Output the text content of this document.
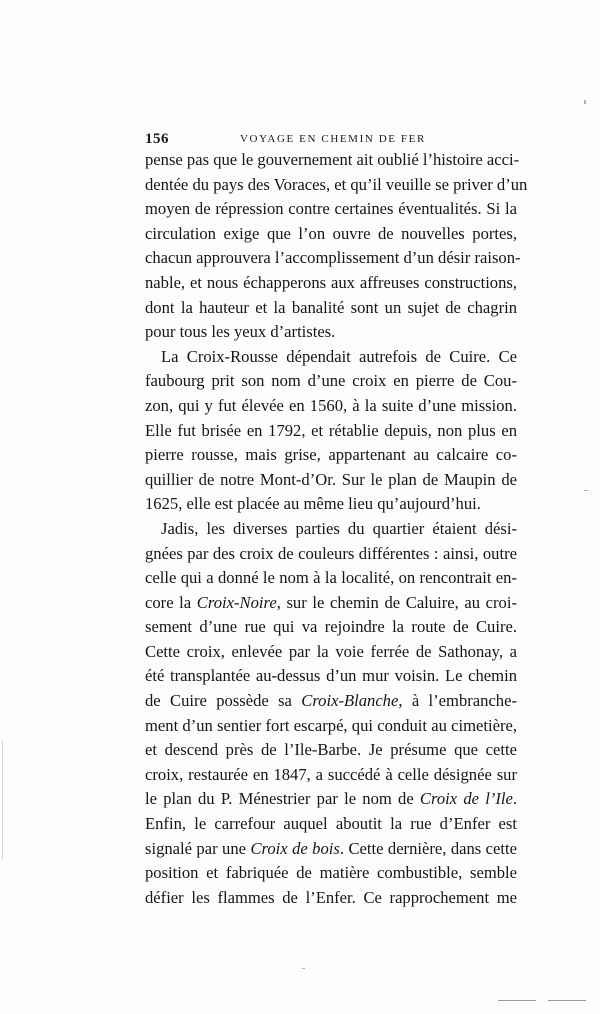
156	VOYAGE EN CHEMIN DE FER
pense pas que le gouvernement ait oublié l’histoire acci-
dentée du pays des Voraces, et qu’il veuille se priver d’un
moyen de répression contre certaines éventualités. Si la
circulation exige que l’on ouvre de nouvelles portes,
chacun approuvera l’accomplissement d’un désir raison-
nable, et nous échapperons aux affreuses constructions,
dont la hauteur et la banalité sont un sujet de chagrin
pour tous les yeux d’artistes.
La Croix-Rousse dépendait autrefois de Cuire. Ce
faubourg prit son nom d’une croix en pierre de Cou-
zon, qui y fut élevée en 1560, à la suite d’une mission.
Elle fut brisée en 1792, et rétablie depuis, non plus en
pierre rousse, mais grise, appartenant au calcaire co-
quillier de notre Mont-d’Or. Sur le plan de Maupin de
1625, elle est placée au même lieu qu’aujourd’hui.
Jadis, les diverses parties du quartier étaient dési-
gnées par des croix de couleurs différentes : ainsi, outre
celle qui a donné le nom à la localité, on rencontrait en-
core la Croix-Noire, sur le chemin de Caluire, au croi-
sement d’une rue qui va rejoindre la route de Cuire.
Cette croix, enlevée par la voie ferrée de Sathonay, a
été transplantée au-dessus d’un mur voisin. Le chemin
de Cuire possède sa Croix-Blanche, à l’embranche-
ment d’un sentier fort escarpé, qui conduit au cimetière,
et descend près de l’Ile-Barbe. Je présume que cette
croix, restaurée en 1847, a succédé à celle désignée sur
le plan du P. Ménestrier par le nom de Croix de l’Ile.
Enfin, le carrefour auquel aboutit la rue d’Enfer est
signalé par une Croix de bois. Cette dernière, dans cette
position et fabriquée de matière combustible, semble
défier les flammes de l’Enfer. Ce rapprochement me
